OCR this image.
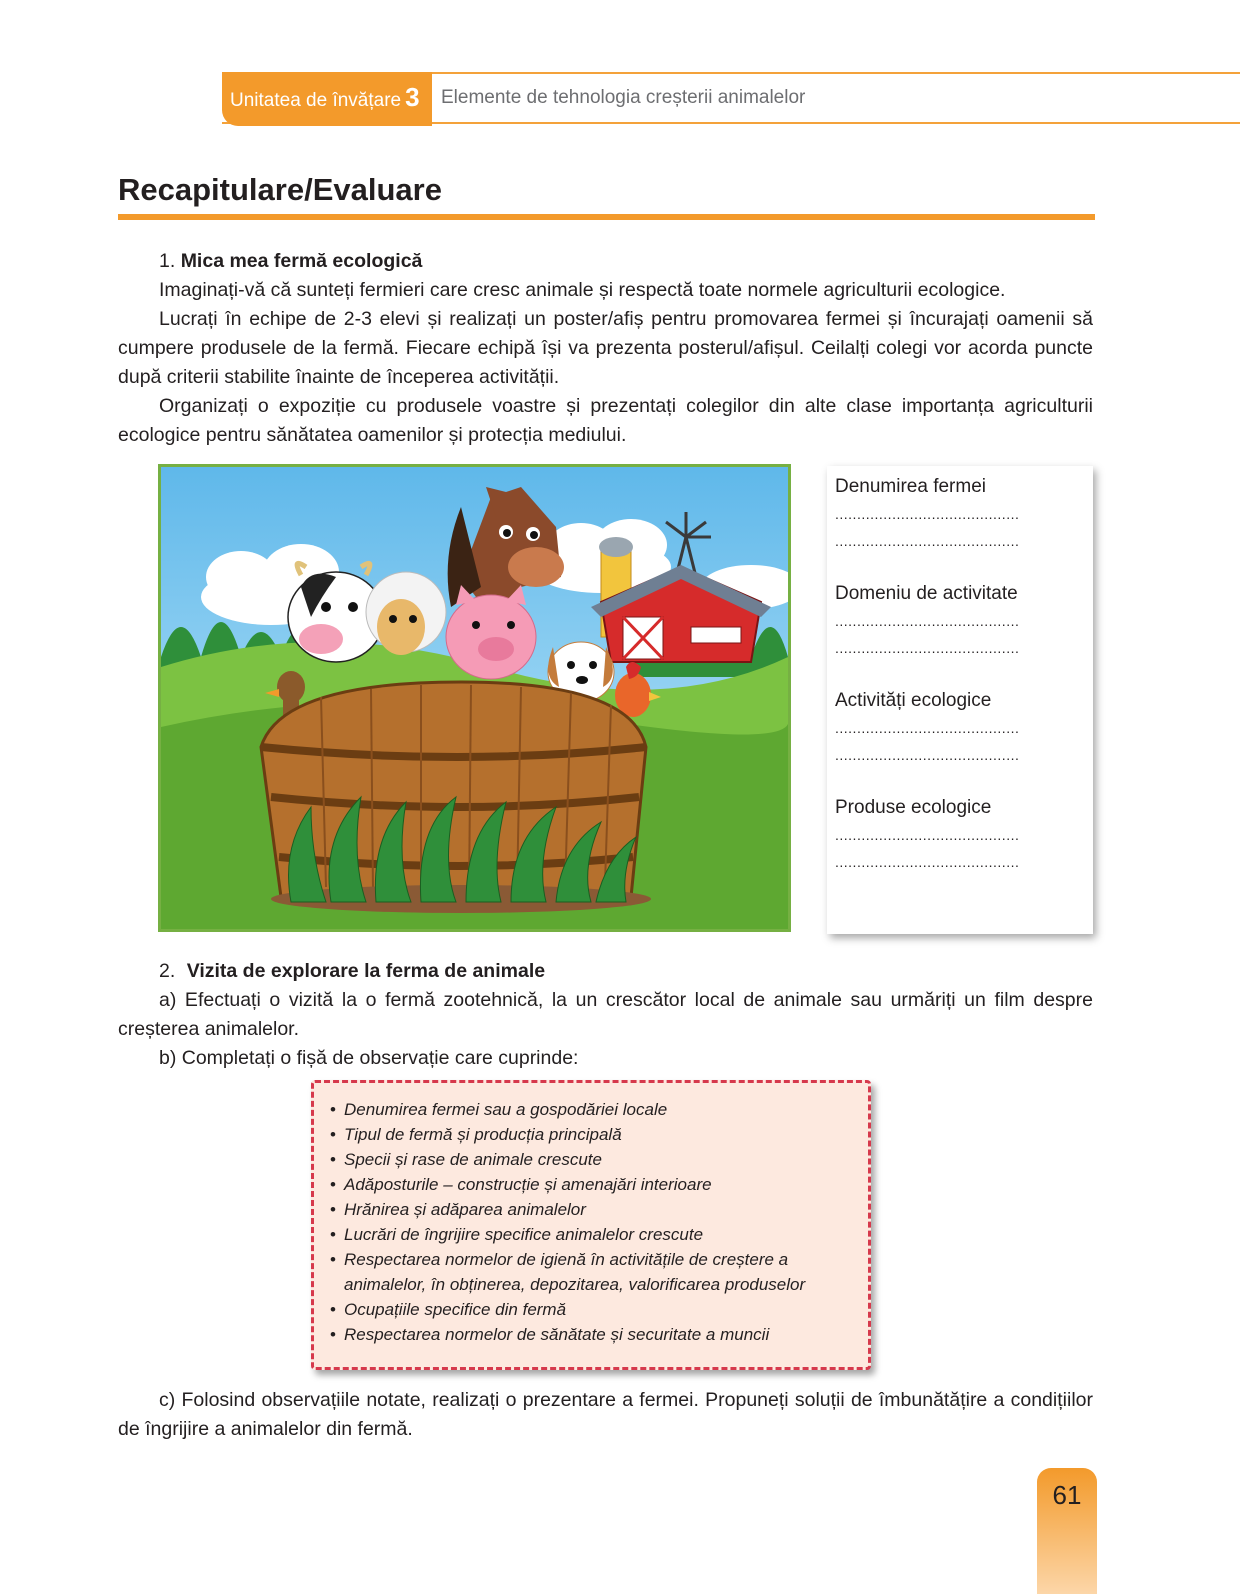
Unitatea de învățare 3	Elemente de tehnologia creșterii animalelor
Recapitulare/Evaluare
1. Mica mea fermă ecologică
Imaginați-vă că sunteți fermieri care cresc animale și respectă toate normele agriculturii ecologice.
Lucrați în echipe de 2-3 elevi și realizați un poster/afiș pentru promovarea fermei și încurajați oamenii să cumpere produsele de la fermă. Fiecare echipă își va prezenta posterul/afișul. Ceilalți colegi vor acorda puncte după criterii stabilite înainte de începerea activității.
Organizați o expoziție cu produsele voastre și prezentați colegilor din alte clase importanța agriculturii ecologice pentru sănătatea oamenilor și protecția mediului.
Denumirea fermei
..........................................
..........................................
Domeniu de activitate
..........................................
..........................................
Activități ecologice
..........................................
..........................................
Produse ecologice
..........................................
..........................................
2. Vizita de explorare la ferma de animale
a) Efectuați o vizită la o fermă zootehnică, la un crescător local de animale sau urmăriți un film despre creșterea animalelor.
b) Completați o fișă de observație care cuprinde:
• Denumirea fermei sau a gospodăriei locale
• Tipul de fermă și producția principală
• Specii și rase de animale crescute
• Adăposturile – construcție și amenajări interioare
• Hrănirea și adăparea animalelor
• Lucrări de îngrijire specifice animalelor crescute
• Respectarea normelor de igienă în activitățile de creștere a animalelor, în obținerea, depozitarea, valorificarea produselor
• Ocupațiile specifice din fermă
• Respectarea normelor de sănătate și securitate a muncii
c) Folosind observațiile notate, realizați o prezentare a fermei. Propuneți soluții de îmbunătățire a condițiilor de îngrijire a animalelor din fermă.
61
